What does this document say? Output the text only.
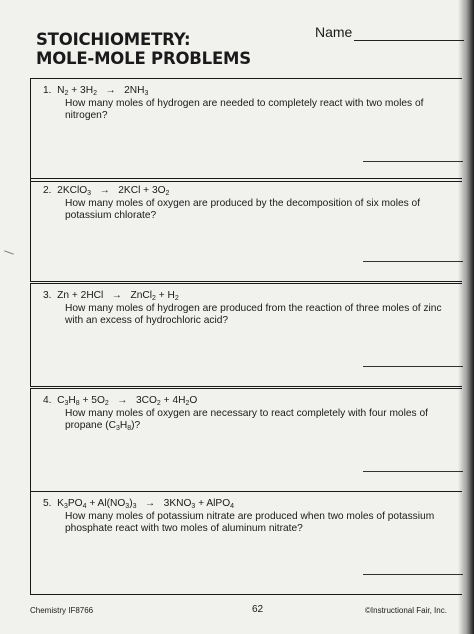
STOICHIOMETRY:
MOLE-MOLE PROBLEMS
Name
1.  $N_2 + 3H_2 \to 2NH_3$
How many moles of hydrogen are needed to completely react with two moles of nitrogen?
2.  2KClO$_3$   →   $2KCl + 3O_2$
How many moles of oxygen are produced by the decomposition of six moles of potassium chlorate?
3.  Zn + 2HCl   →   ZnCl$_2$ + $H_2$
How many moles of hydrogen are produced from the reaction of three moles of zinc with an excess of hydrochloric acid?
4.  $C_3H_8 + 5O_2 \to 3CO_2 + 4H_2O$
How many moles of oxygen are necessary to react completely with four moles of propane $(C_3H_8)$?
5.  $K_3PO_4 + Al(NO_3)_3 \to 3KNO_3$ + AlPO$_4$
How many moles of potassium nitrate are produced when two moles of potassium phosphate react with two moles of aluminum nitrate?
Chemistry IF8766	62	©Instructional Fair, Inc.
